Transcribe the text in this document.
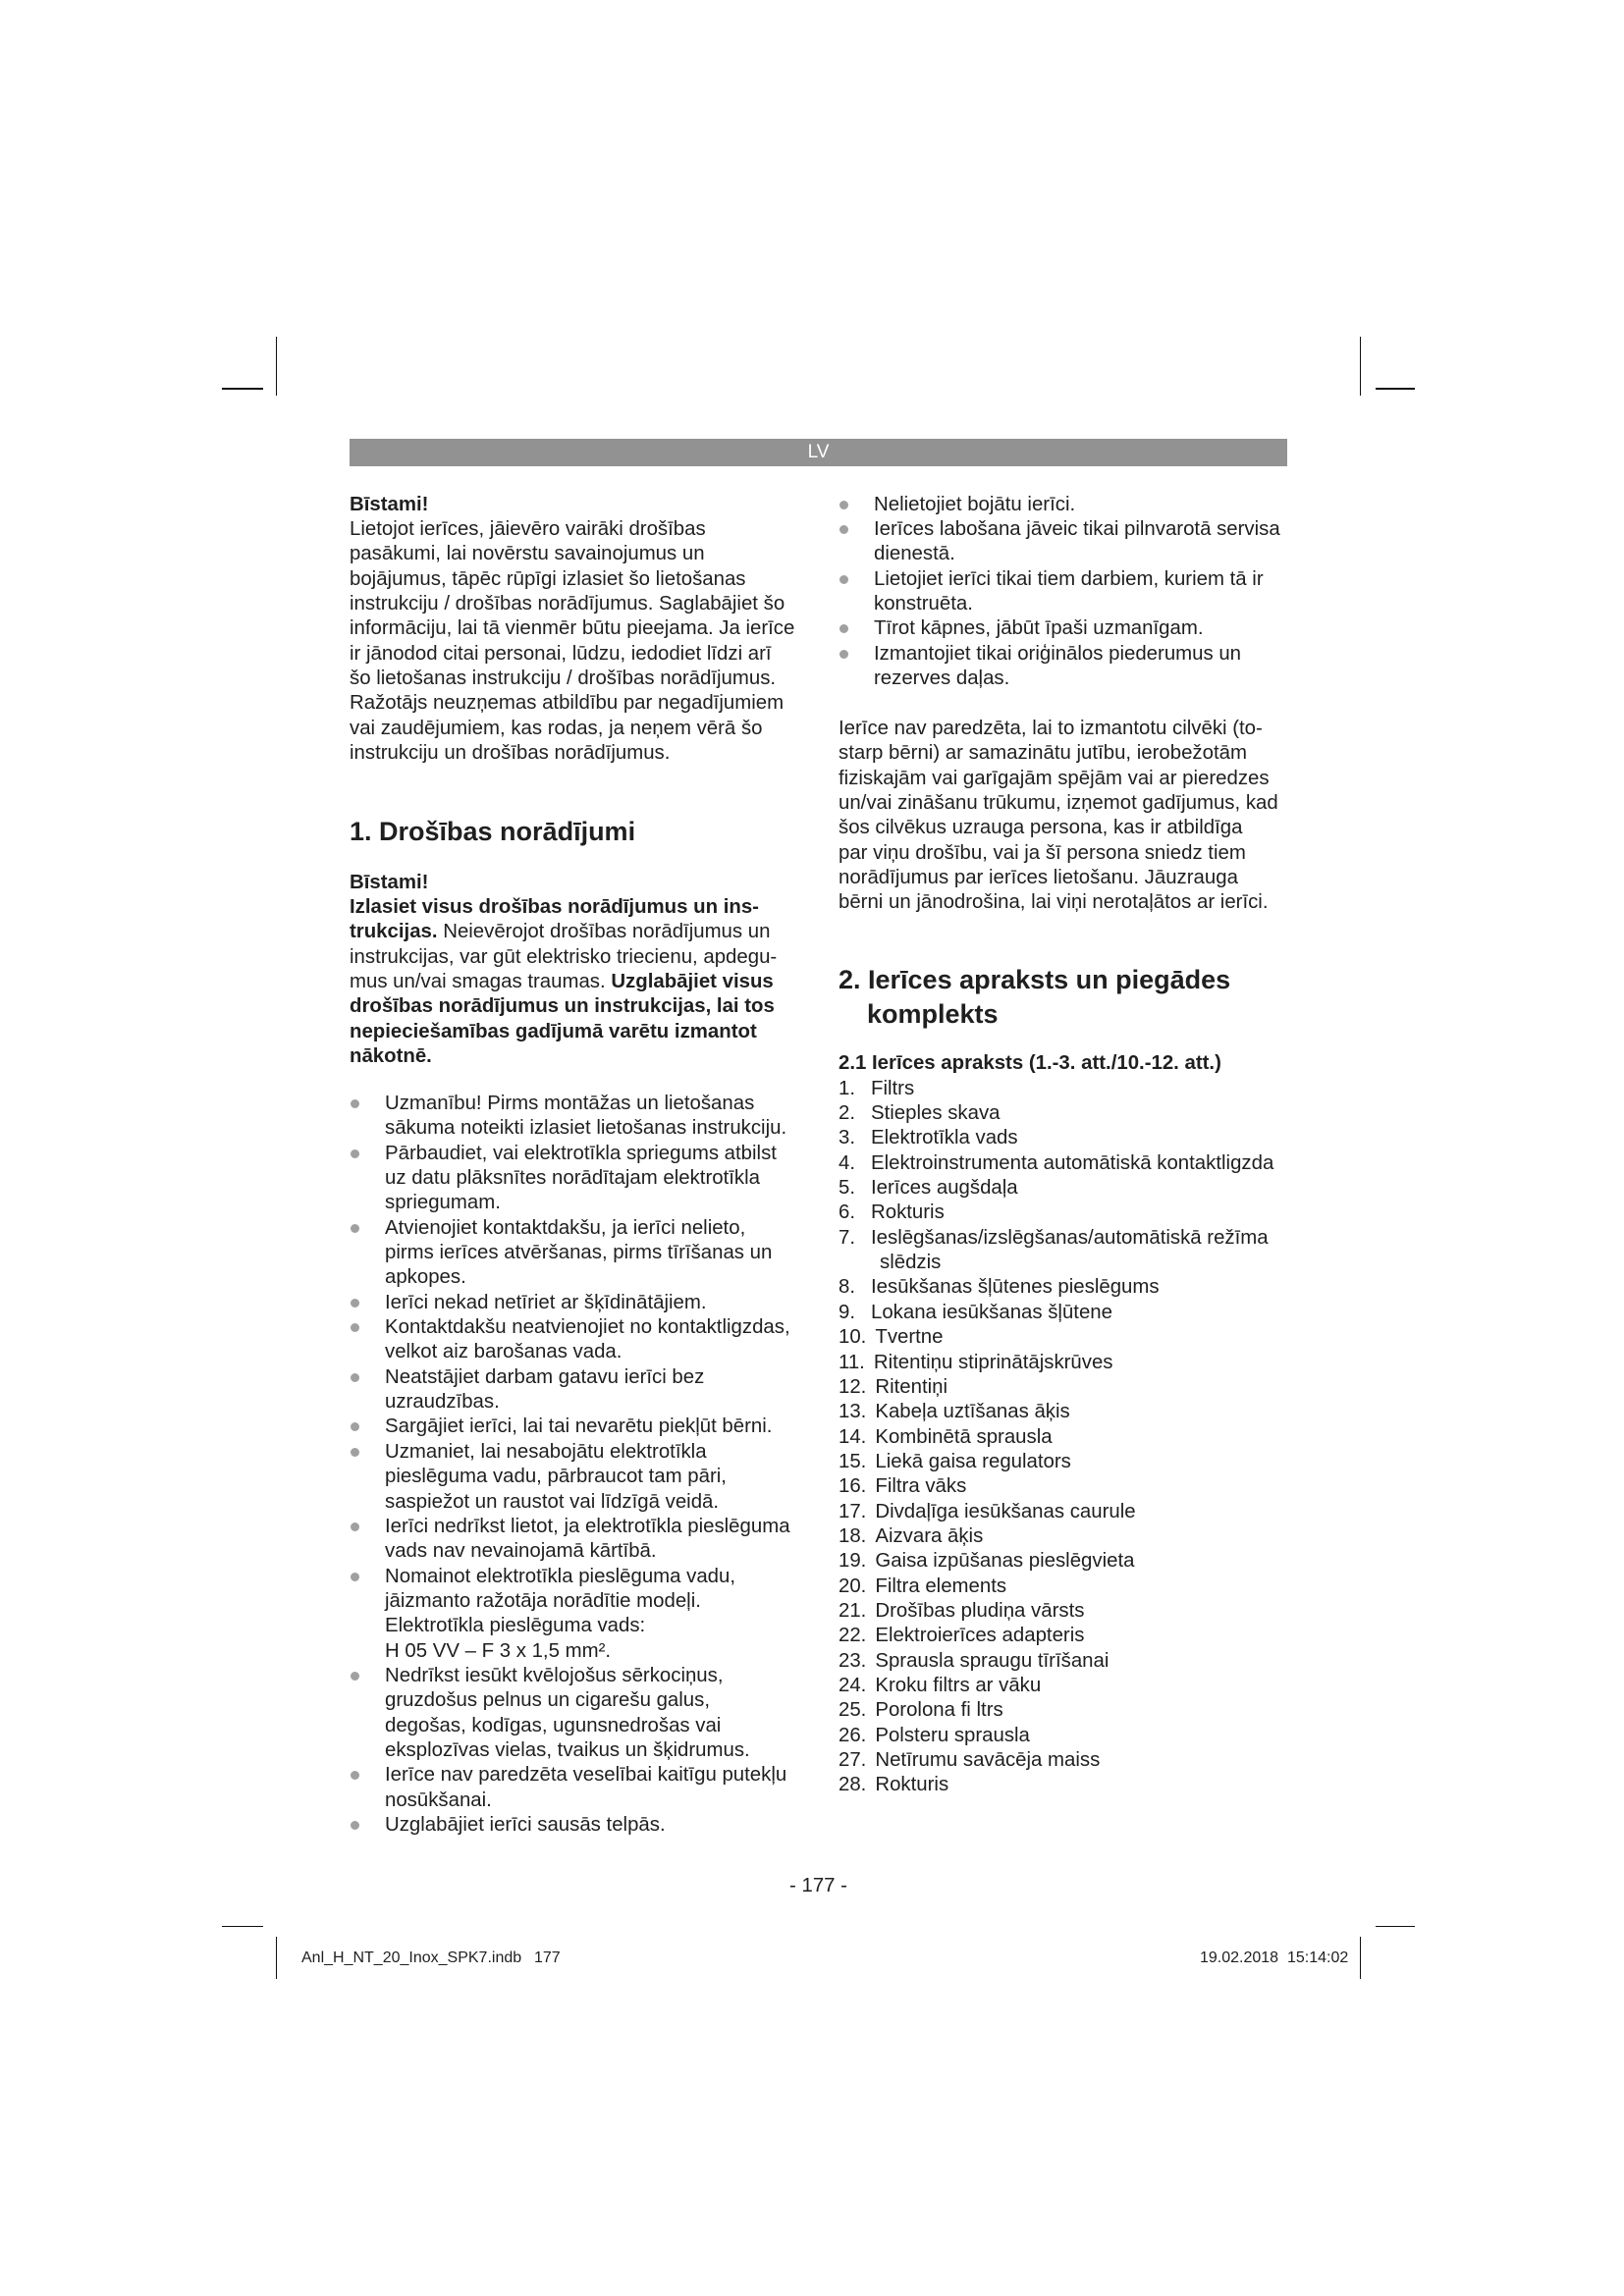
LV
Bīstami!
Lietojot ierīces, jāievēro vairāki drošības
pasākumi, lai novērstu savainojumus un
bojājumus, tāpēc rūpīgi izlasiet šo lietošanas
instrukciju / drošības norādījumus. Saglabājiet šo
informāciju, lai tā vienmēr būtu pieejama. Ja ierīce
ir jānodod citai personai, lūdzu, iedodiet līdzi arī
šo lietošanas instrukciju / drošības norādījumus.
Ražotājs neuzņemas atbildību par negadījumiem
vai zaudējumiem, kas rodas, ja neņem vērā šo
instrukciju un drošības norādījumus.
1. Drošības norādījumi
Bīstami!
Izlasiet visus drošības norādījumus un ins-
trukcijas. Neievērojot drošības norādījumus un
instrukcijas, var gūt elektrisko triecienu, apdegu-
mus un/vai smagas traumas. Uzglabājiet visus
drošības norādījumus un instrukcijas, lai tos
nepieciešamības gadījumā varētu izmantot
nākotnē.
Uzmanību! Pirms montāžas un lietošanas
sākuma noteikti izlasiet lietošanas instrukciju.
Pārbaudiet, vai elektrotīkla spriegums atbilst
uz datu plāksnītes norādītajam elektrotīkla
spriegumam.
Atvienojiet kontaktdakšu, ja ierīci nelieto,
pirms ierīces atvēršanas, pirms tīrīšanas un
apkopes.
Ierīci nekad netīriet ar šķīdinātājiem.
Kontaktdakšu neatvienojiet no kontaktligzdas,
velkot aiz barošanas vada.
Neatstājiet darbam gatavu ierīci bez
uzraudzības.
Sargājiet ierīci, lai tai nevarētu piekļūt bērni.
Uzmaniet, lai nesabojātu elektrotīkla
pieslēguma vadu, pārbraucot tam pāri,
saspiežot un raustot vai līdzīgā veidā.
Ierīci nedrīkst lietot, ja elektrotīkla pieslēguma
vads nav nevainojamā kārtībā.
Nomainot elektrotīkla pieslēguma vadu,
jāizmanto ražotāja norādītie modeļi.
Elektrotīkla pieslēguma vads:
H 05 VV – F 3 x 1,5 mm².
Nedrīkst iesūkt kvēlojošus sērkociņus,
gruzdošus pelnus un cigarešu galus,
degošas, kodīgas, ugunsnedrošas vai
eksplozīvas vielas, tvaikus un šķidrumus.
Ierīce nav paredzēta veselībai kaitīgu putekļu
nosūkšanai.
Uzglabājiet ierīci sausās telpās.
Nelietojiet bojātu ierīci.
Ierīces labošana jāveic tikai pilnvarotā servisa
dienestā.
Lietojiet ierīci tikai tiem darbiem, kuriem tā ir
konstruēta.
Tīrot kāpnes, jābūt īpaši uzmanīgam.
Izmantojiet tikai oriģinālos piederumus un
rezerves daļas.
Ierīce nav paredzēta, lai to izmantotu cilvēki (to-
starp bērni) ar samazinātu jutību, ierobežotām
fiziskajām vai garīgajām spējām vai ar pieredzes
un/vai zināšanu trūkumu, izņemot gadījumus, kad
šos cilvēkus uzrauga persona, kas ir atbildīga
par viņu drošību, vai ja šī persona sniedz tiem
norādījumus par ierīces lietošanu. Jāuzrauga
bērni un jānodrošina, lai viņi nerotaļātos ar ierīci.
2. Ierīces apraksts un piegādes
komplekts
2.1 Ierīces apraksts (1.-3. att./10.-12. att.)
1. Filtrs
2. Stieples skava
3. Elektrotīkla vads
4. Elektroinstrumenta automātiskā kontaktligzda
5. Ierīces augšdaļa
6. Rokturis
7. Ieslēgšanas/izslēgšanas/automātiskā režīma
slēdzis
8. Iesūkšanas šļūtenes pieslēgums
9. Lokana iesūkšanas šļūtene
10. Tvertne
11. Ritentiņu stiprinātājskrūves
12. Ritentiņi
13. Kabeļa uztīšanas āķis
14. Kombinētā sprausla
15. Liekā gaisa regulators
16. Filtra vāks
17. Divdaļīga iesūkšanas caurule
18. Aizvara āķis
19. Gaisa izpūšanas pieslēgvieta
20. Filtra elements
21. Drošības pludiņa vārsts
22. Elektroierīces adapteris
23. Sprausla spraugu tīrīšanai
24. Kroku filtrs ar vāku
25. Porolona fi ltrs
26. Polsteru sprausla
27. Netīrumu savācēja maiss
28. Rokturis
- 177 -
Anl_H_NT_20_Inox_SPK7.indb 177	19.02.2018 15:14:02
